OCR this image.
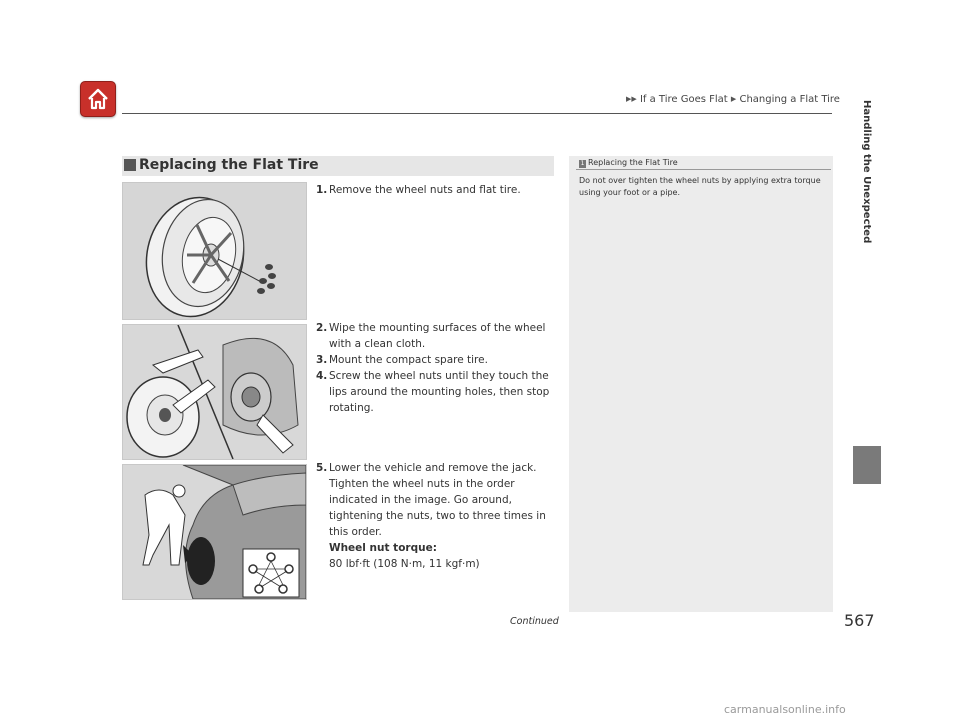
▶▶ If a Tire Goes Flat ▶ Changing a Flat Tire
Replacing the Flat Tire
1. Remove the wheel nuts and flat tire.
2. Wipe the mounting surfaces of the wheel with a clean cloth.
3. Mount the compact spare tire.
4. Screw the wheel nuts until they touch the lips around the mounting holes, then stop rotating.
5. Lower the vehicle and remove the jack. Tighten the wheel nuts in the order indicated in the image. Go around, tightening the nuts, two to three times in this order.
Wheel nut torque:
80 lbf·ft (108 N·m, 11 kgf·m)
1 Replacing the Flat Tire
Do not over tighten the wheel nuts by applying extra torque using your foot or a pipe.	Handling the Unexpected
Continued	567
carmanualsonline.info
